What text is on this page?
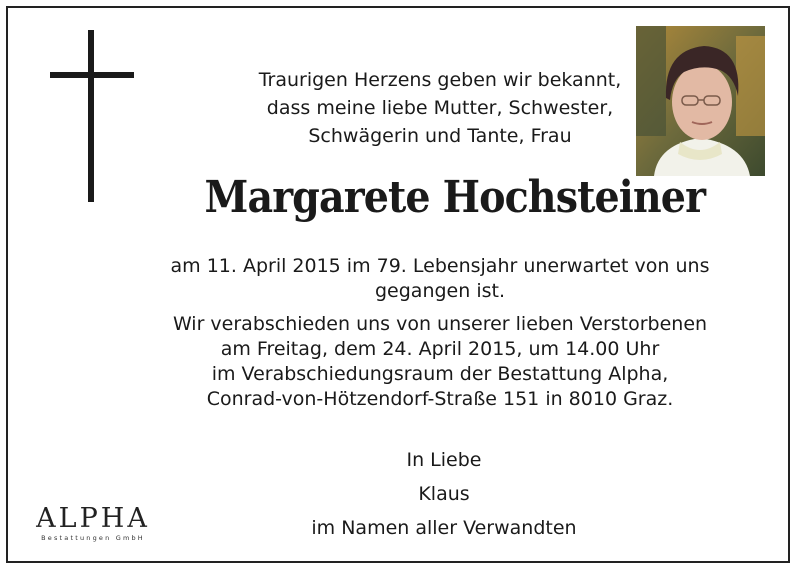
Traurigen Herzens geben wir bekannt,
dass meine liebe Mutter, Schwester,
Schwägerin und Tante, Frau
Margarete Hochsteiner
am 11. April 2015 im 79. Lebensjahr unerwartet von uns
gegangen ist.
Wir verabschieden uns von unserer lieben Verstorbenen
am Freitag, dem 24. April 2015, um 14.00 Uhr
im Verabschiedungsraum der Bestattung Alpha,
Conrad-von-Hötzendorf-Straße 151 in 8010 Graz.
In Liebe
Klaus
im Namen aller Verwandten
ALPHA
Bestattungen GmbH
